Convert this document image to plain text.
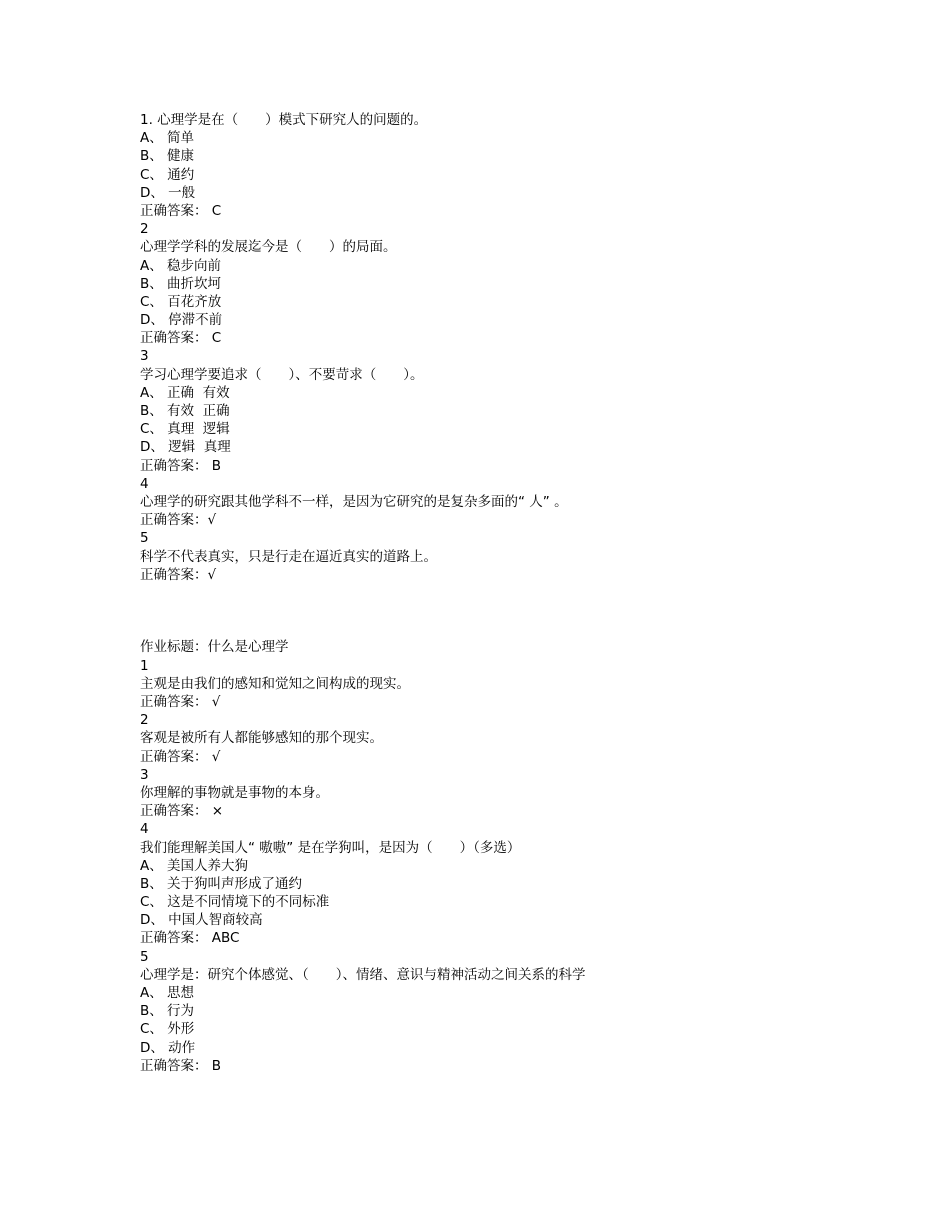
1. 心理学是在（　　）模式下研究人的问题的。
A、 简单
B、 健康
C、 通约
D、 一般
正确答案： C
2
心理学学科的发展迄今是（　　）的局面。
A、 稳步向前
B、 曲折坎坷
C、 百花齐放
D、 停滞不前
正确答案： C
3
学习心理学要追求（　　）、不要苛求（　　）。
A、 正确  有效
B、 有效  正确
C、 真理  逻辑
D、 逻辑  真理
正确答案： B
4
心理学的研究跟其他学科不一样，是因为它研究的是复杂多面的“ 人” 。
正确答案：√
5
科学不代表真实，只是行走在逼近真实的道路上。
正确答案：√
作业标题：什么是心理学
1
主观是由我们的感知和觉知之间构成的现实。
正确答案： √
2
客观是被所有人都能够感知的那个现实。
正确答案： √
3
你理解的事物就是事物的本身。
正确答案： ×
4
我们能理解美国人“ 嗷嗷” 是在学狗叫，是因为（　　）（多选）
A、 美国人养大狗
B、 关于狗叫声形成了通约
C、 这是不同情境下的不同标准
D、 中国人智商较高
正确答案： ABC
5
心理学是：研究个体感觉、（　　）、情绪、意识与精神活动之间关系的科学
A、 思想
B、 行为
C、 外形
D、 动作
正确答案： B
